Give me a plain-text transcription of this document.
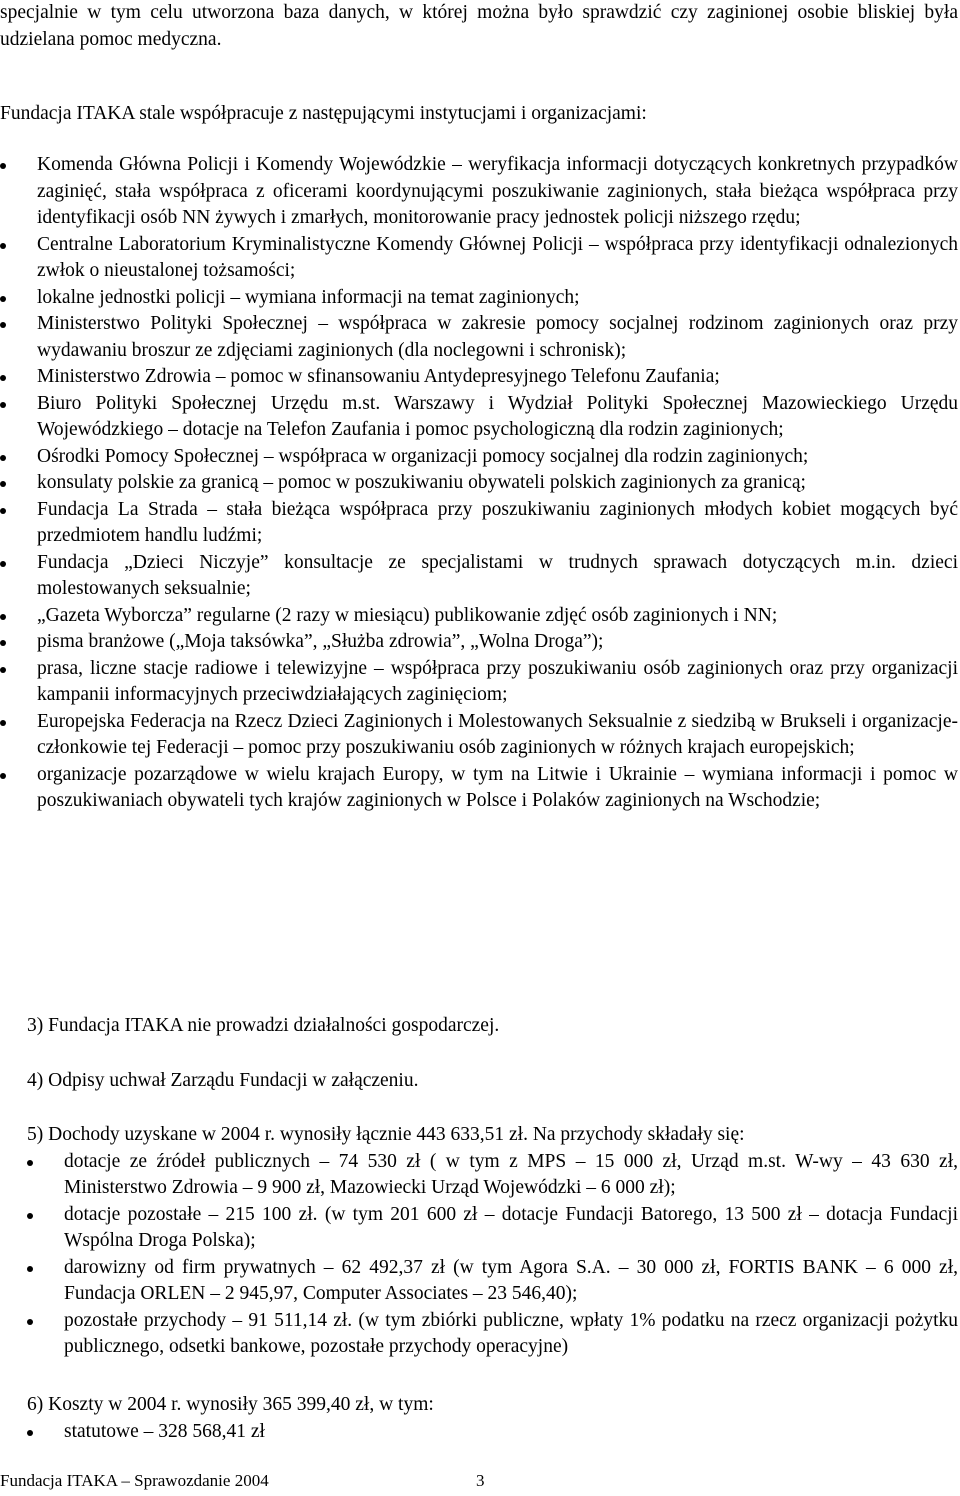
specjalnie w tym celu utworzona baza danych, w której można było sprawdzić czy zaginionej osobie bliskiej była udzielana pomoc medyczna.

Fundacja ITAKA stale współpracuje z następującymi instytucjami i organizacjami:

Komenda Główna Policji i Komendy Wojewódzkie – weryfikacja informacji dotyczących konkretnych przypadków zaginięć, stała współpraca z oficerami koordynującymi poszukiwanie zaginionych, stała bieżąca współpraca przy identyfikacji osób NN żywych i zmarłych, monitorowanie pracy jednostek policji niższego rzędu;
Centralne Laboratorium Kryminalistyczne Komendy Głównej Policji – współpraca przy identyfikacji odnalezionych zwłok o nieustalonej tożsamości;
lokalne jednostki policji – wymiana informacji na temat zaginionych;
Ministerstwo Polityki Społecznej – współpraca w zakresie pomocy socjalnej rodzinom zaginionych oraz przy wydawaniu broszur ze zdjęciami zaginionych (dla noclegowni i schronisk);
Ministerstwo Zdrowia – pomoc w sfinansowaniu Antydepresyjnego Telefonu Zaufania;
Biuro Polityki Społecznej Urzędu m.st. Warszawy i Wydział Polityki Społecznej Mazowieckiego Urzędu Wojewódzkiego – dotacje na Telefon Zaufania i pomoc psychologiczną dla rodzin zaginionych;
Ośrodki Pomocy Społecznej – współpraca w organizacji pomocy socjalnej dla rodzin zaginionych;
konsulaty polskie za granicą – pomoc w poszukiwaniu obywateli polskich zaginionych za granicą;
Fundacja La Strada – stała bieżąca współpraca przy poszukiwaniu zaginionych młodych kobiet mogących być przedmiotem handlu ludźmi;
Fundacja „Dzieci Niczyje” konsultacje ze specjalistami w trudnych sprawach dotyczących m.in. dzieci molestowanych seksualnie;
„Gazeta Wyborcza” regularne (2 razy w miesiącu) publikowanie zdjęć osób zaginionych i NN;
pisma branżowe („Moja taksówka”, „Służba zdrowia”, „Wolna Droga”);
prasa, liczne stacje radiowe i telewizyjne – współpraca przy poszukiwaniu osób zaginionych oraz przy organizacji kampanii informacyjnych przeciwdziałających zaginięciom;
Europejska Federacja na Rzecz Dzieci Zaginionych i Molestowanych Seksualnie z siedzibą w Brukseli i organizacje-członkowie tej Federacji – pomoc przy poszukiwaniu osób zaginionych w różnych krajach europejskich;
organizacje pozarządowe w wielu krajach Europy, w tym na Litwie i Ukrainie – wymiana informacji i pomoc w poszukiwaniach obywateli tych krajów zaginionych w Polsce i Polaków zaginionych na Wschodzie;

3) Fundacja ITAKA nie prowadzi działalności gospodarczej.

4) Odpisy uchwał Zarządu Fundacji w załączeniu.

5) Dochody uzyskane w 2004 r. wynosiły łącznie 443 633,51 zł. Na przychody składały się:

dotacje ze źródeł publicznych – 74 530 zł ( w tym z MPS – 15 000 zł, Urząd m.st. W-wy – 43 630 zł, Ministerstwo Zdrowia – 9 900 zł, Mazowiecki Urząd Wojewódzki – 6 000 zł);
dotacje pozostałe – 215 100 zł. (w tym 201 600 zł – dotacje Fundacji Batorego, 13 500 zł – dotacja Fundacji Wspólna Droga Polska);
darowizny od firm prywatnych – 62 492,37 zł (w tym Agora S.A. – 30 000 zł, FORTIS BANK – 6 000 zł, Fundacja ORLEN – 2 945,97, Computer Associates – 23 546,40);
pozostałe przychody – 91 511,14 zł. (w tym zbiórki publiczne, wpłaty 1% podatku na rzecz organizacji pożytku publicznego, odsetki bankowe, pozostałe przychody operacyjne)

6) Koszty w 2004 r. wynosiły 365 399,40 zł, w tym:

statutowe – 328 568,41 zł
Fundacja ITAKA – Sprawozdanie 2004	3
